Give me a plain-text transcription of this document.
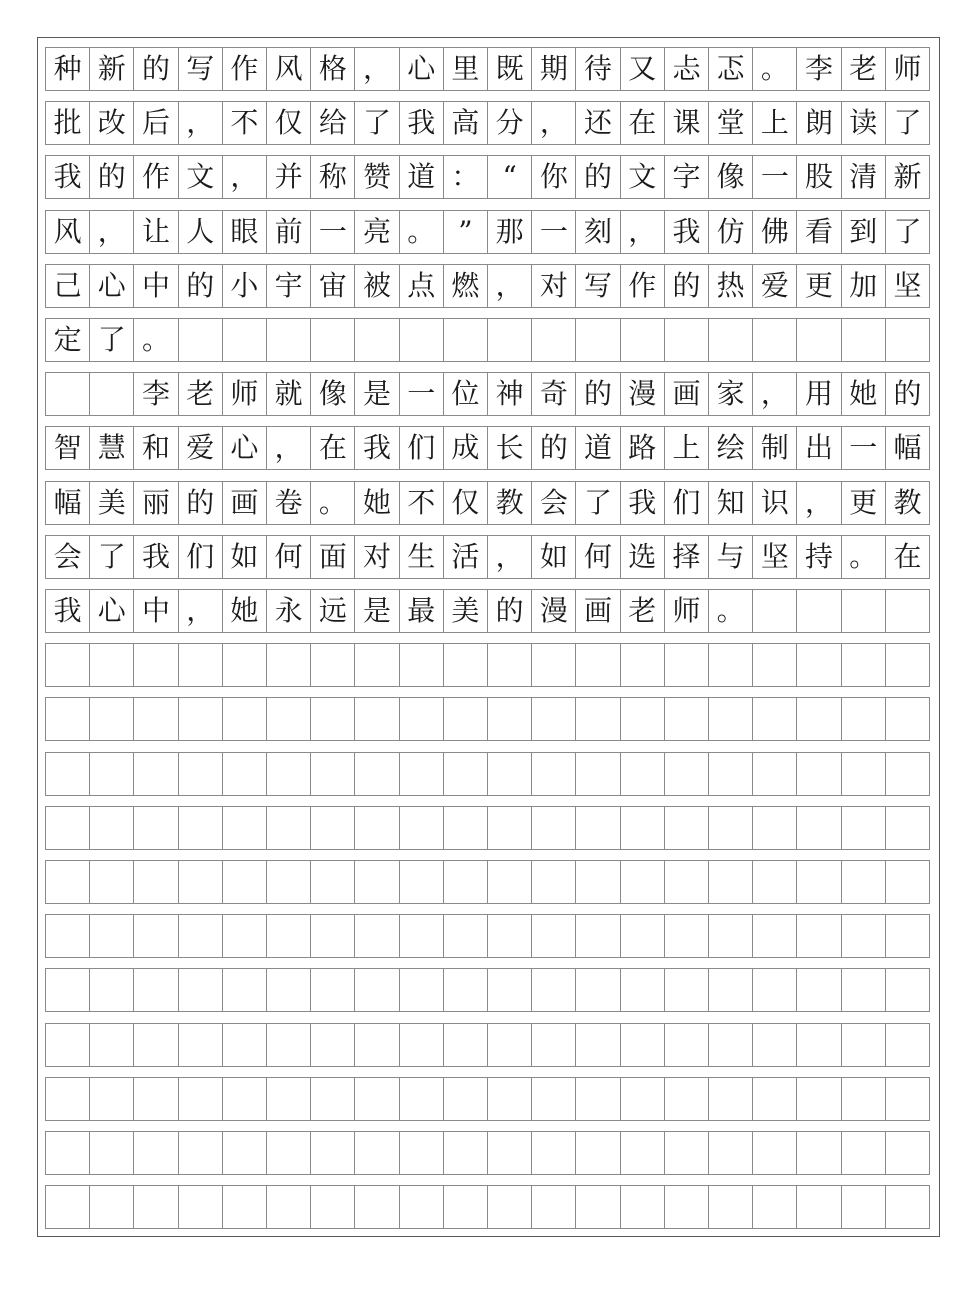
种 新 的 写 作 风 格 ， 心 里 既 期 待 又 忐 忑 。 李 老 师
批 改 后 ， 不 仅 给 了 我 高 分 ， 还 在 课 堂 上 朗 读 了
我 的 作 文 ， 并 称 赞 道 ： “ 你 的 文 字 像 一 股 清 新
风 ， 让 人 眼 前 一 亮 。 ” 那 一 刻 ， 我 仿 佛 看 到 了
己 心 中 的 小 宇 宙 被 点 燃 ， 对 写 作 的 热 爱 更 加 坚
定 了 。
李 老 师 就 像 是 一 位 神 奇 的 漫 画 家 ， 用 她 的
智 慧 和 爱 心 ， 在 我 们 成 长 的 道 路 上 绘 制 出 一 幅
幅 美 丽 的 画 卷 。 她 不 仅 教 会 了 我 们 知 识 ， 更 教
会 了 我 们 如 何 面 对 生 活 ， 如 何 选 择 与 坚 持 。 在
我 心 中 ， 她 永 远 是 最 美 的 漫 画 老 师 。
